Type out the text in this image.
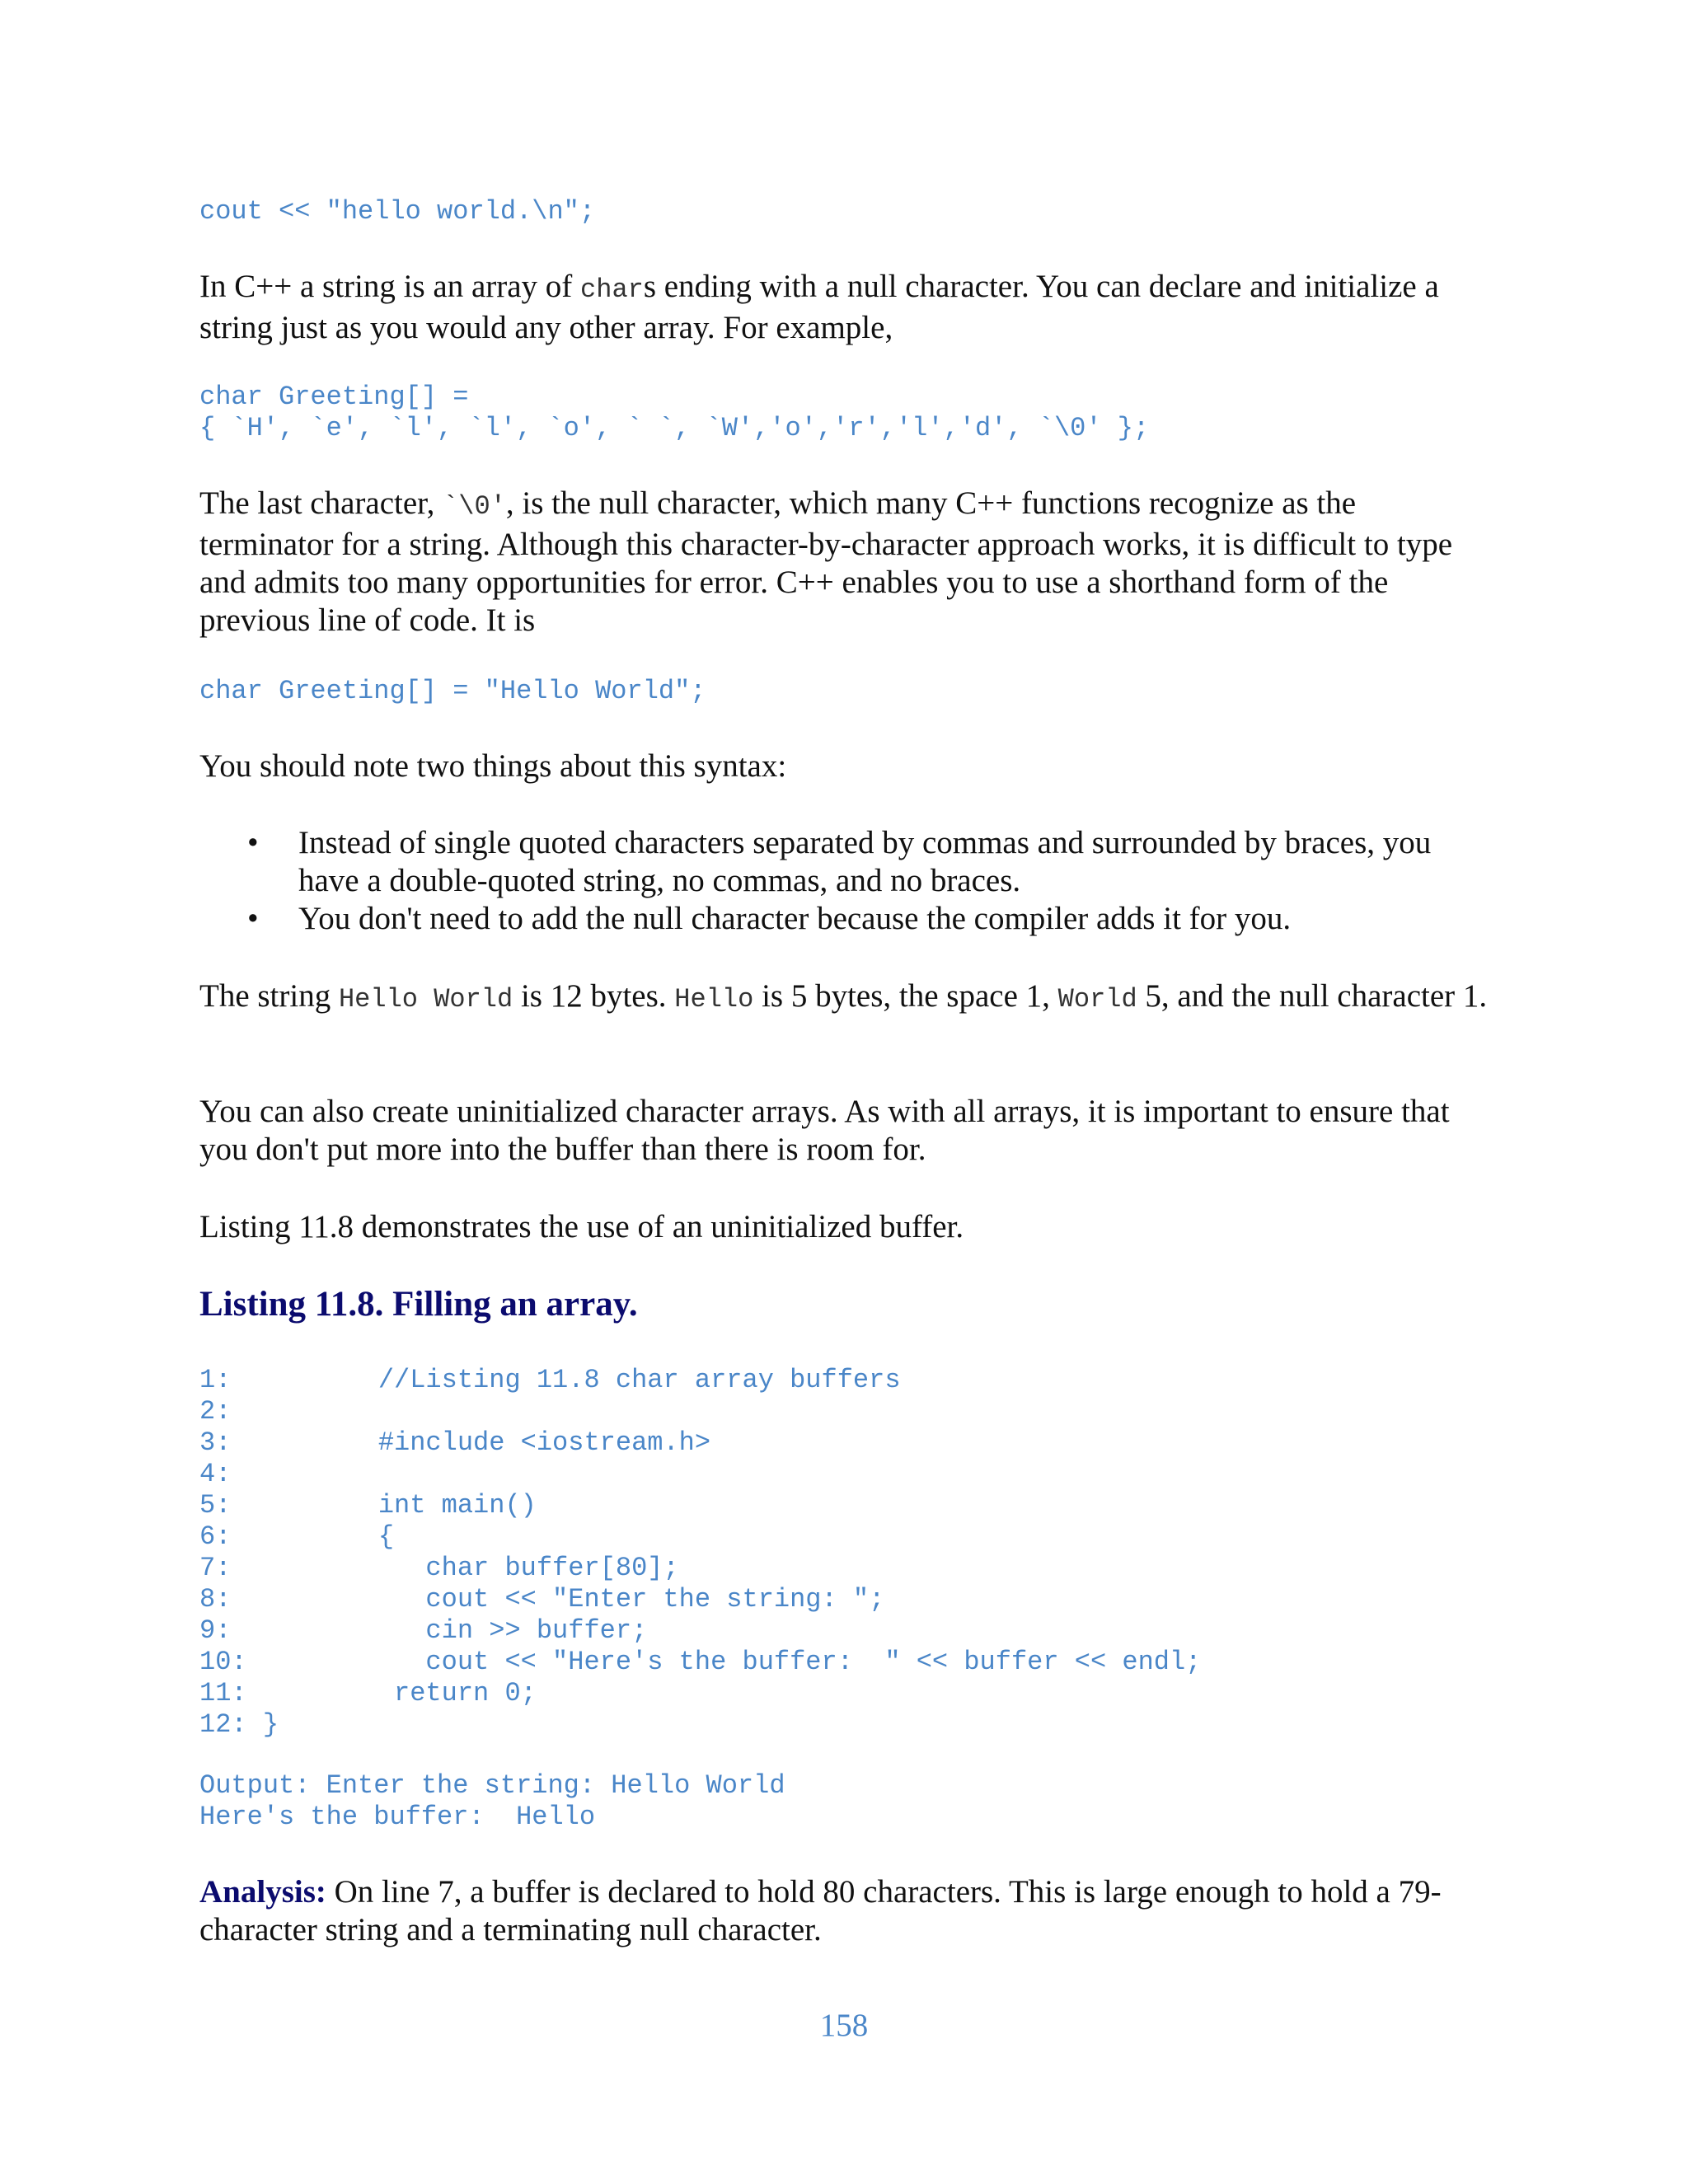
cout << "hello world.\n";

In C++ a string is an array of chars ending with a null character. You can declare and initialize a string just as you would any other array. For example,

char Greeting[] =
{ `H', `e', `l', `l', `o', ` `, `W','o','r','l','d', `\0' };

The last character, `\0', is the null character, which many C++ functions recognize as the terminator for a string. Although this character-by-character approach works, it is difficult to type and admits too many opportunities for error. C++ enables you to use a shorthand form of the previous line of code. It is

char Greeting[] = "Hello World";

You should note two things about this syntax:

• Instead of single quoted characters separated by commas and surrounded by braces, you have a double-quoted string, no commas, and no braces.
• You don't need to add the null character because the compiler adds it for you.

The string Hello World is 12 bytes. Hello is 5 bytes, the space 1, World 5, and the null character 1.

You can also create uninitialized character arrays. As with all arrays, it is important to ensure that you don't put more into the buffer than there is room for.

Listing 11.8 demonstrates the use of an uninitialized buffer.

Listing 11.8. Filling an array.
1:	//Listing 11.8 char array buffers
2:
3:	#include <iostream.h>
4:
5:	int main()
6:	{
7:	char buffer[80];
8:	cout << "Enter the string: ";
9:	cin >> buffer;
10:	cout << "Here's the buffer:  " << buffer << endl;
11:	return 0;
12: }
Output: Enter the string: Hello World
Here's the buffer:  Hello

Analysis: On line 7, a buffer is declared to hold 80 characters. This is large enough to hold a 79-character string and a terminating null character.

158
